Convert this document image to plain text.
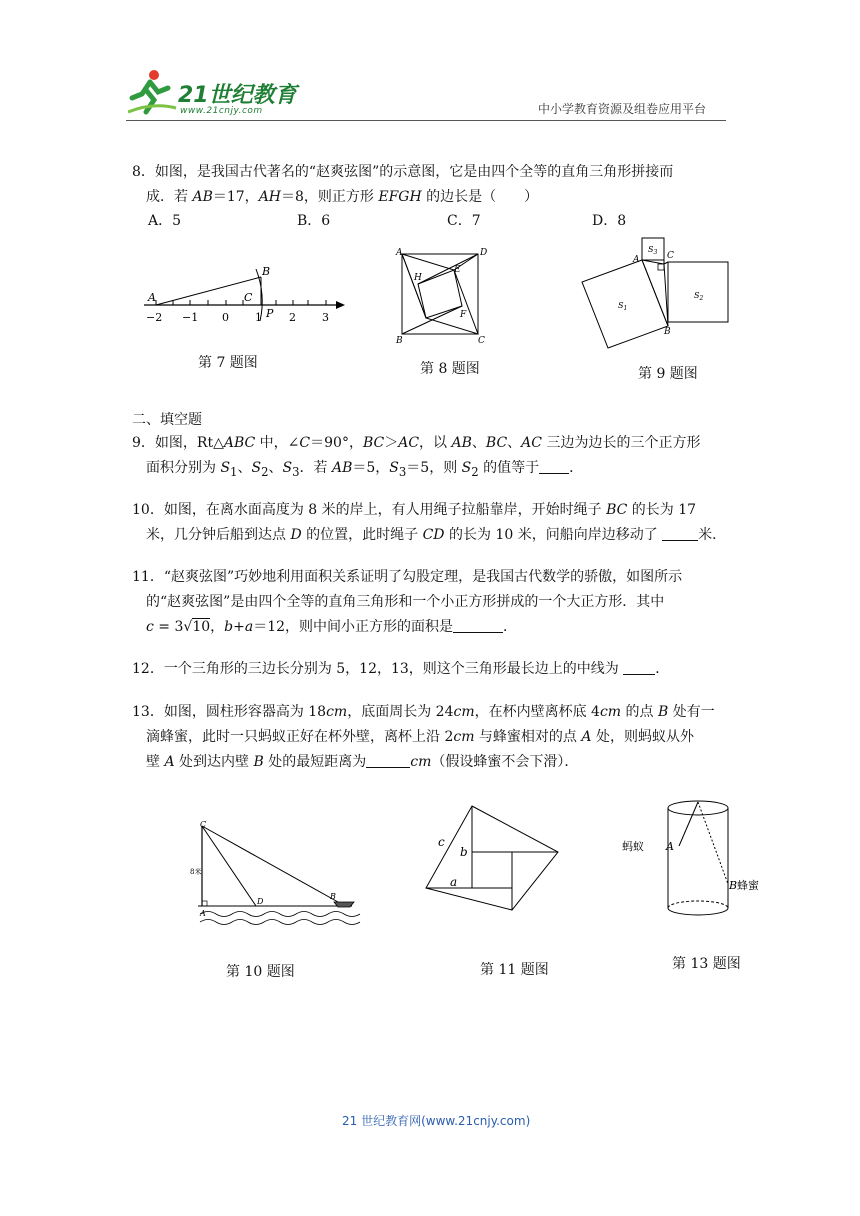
21世纪教育
www.21cnjy.com	中小学教育资源及组卷应用平台
8．如图，是我国古代著名的“赵爽弦图”的示意图，它是由四个全等的直角三角形拼接而
成．若 AB＝17，AH＝8，则正方形 EFGH 的边长是（　　）
A．5	B．6	C．7	D．8
A
B
C
P
−2 −1 0 1 2 3
第 7 题图
A	D
B	C
H
E
F
第 8 题图
A	C
B
$S_3$
$S_1$
$S_2$
第 9 题图
二、填空题
9．如图，Rt△ABC 中，∠C＝90°，BC＞AC，以 AB、BC、AC 三边为边长的三个正方形
面积分别为 $S_1$、$S_2$、$S_3$．若 AB＝5，$S_3=5$，则 $S_2$ 的值等于 ．
10．如图，在离水面高度为 8 米的岸上，有人用绳子拉船靠岸，开始时绳子 BC 的长为 17
米，几分钟后船到达点 D 的位置，此时绳子 CD 的长为 10 米，问船向岸边移动了	米．
11．“赵爽弦图”巧妙地利用面积关系证明了勾股定理，是我国古代数学的骄傲，如图所示
的“赵爽弦图”是由四个全等的直角三角形和一个小正方形拼成的一个大正方形．其中
c = 3√10，b+a＝12，则中间小正方形的面积是	．
12．一个三角形的三边长分别为 5，12，13，则这个三角形最长边上的中线为 ．
13．如图，圆柱形容器高为 18cm，底面周长为 24cm，在杯内壁离杯底 4cm 的点 B 处有一
滴蜂蜜，此时一只蚂蚁正好在杯外壁，离杯上沿 2cm 与蜂蜜相对的点 A 处，则蚂蚁从外
壁 A 处到达内壁 B 处的最短距离为	cm（假设蜂蜜不会下滑）．
C
A
D
B
8米
第 10 题图
c
b
a
第 11 题图
蚂蚁 A
B 蜂蜜
第 13 题图
21 世纪教育网(www.21cnjy.com)
